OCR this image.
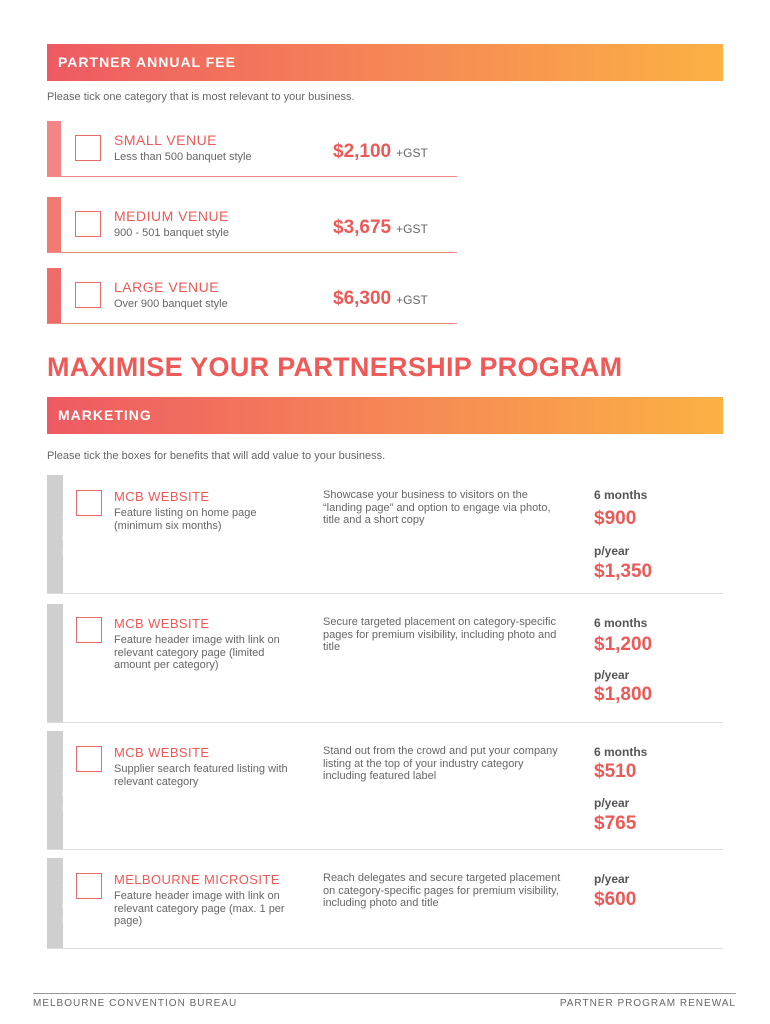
PARTNER ANNUAL FEE
Please tick one category that is most relevant to your business.
SMALL VENUE
Less than 500 banquet style	$2,100 +GST
MEDIUM VENUE
900 - 501 banquet style	$3,675 +GST
LARGE VENUE
Over 900 banquet style	$6,300 +GST
MAXIMISE YOUR PARTNERSHIP PROGRAM
MARKETING
Please tick the boxes for benefits that will add value to your business.
PLATINUM
MCB WEBSITE
Feature listing on home page (minimum six months)
Showcase your business to visitors on the “landing page” and option to engage via photo, title and a short copy
6 months
$900
p/year
$1,350
MCB WEBSITE
Feature header image with link on relevant category page (limited amount per category)
Secure targeted placement on category-specific pages for premium visibility, including photo and title
6 months
$1,200
p/year
$1,800
PLATINUM
MCB WEBSITE
Supplier search featured listing with relevant category
Stand out from the crowd and put your company listing at the top of your industry category including featured label
6 months
$510
p/year
$765
PLATINUM
MELBOURNE MICROSITE
Feature header image with link on relevant category page (max. 1 per page)
Reach delegates and secure targeted placement on category-specific pages for premium visibility, including photo and title
p/year
$600
MELBOURNE CONVENTION BUREAU	PARTNER PROGRAM RENEWAL
